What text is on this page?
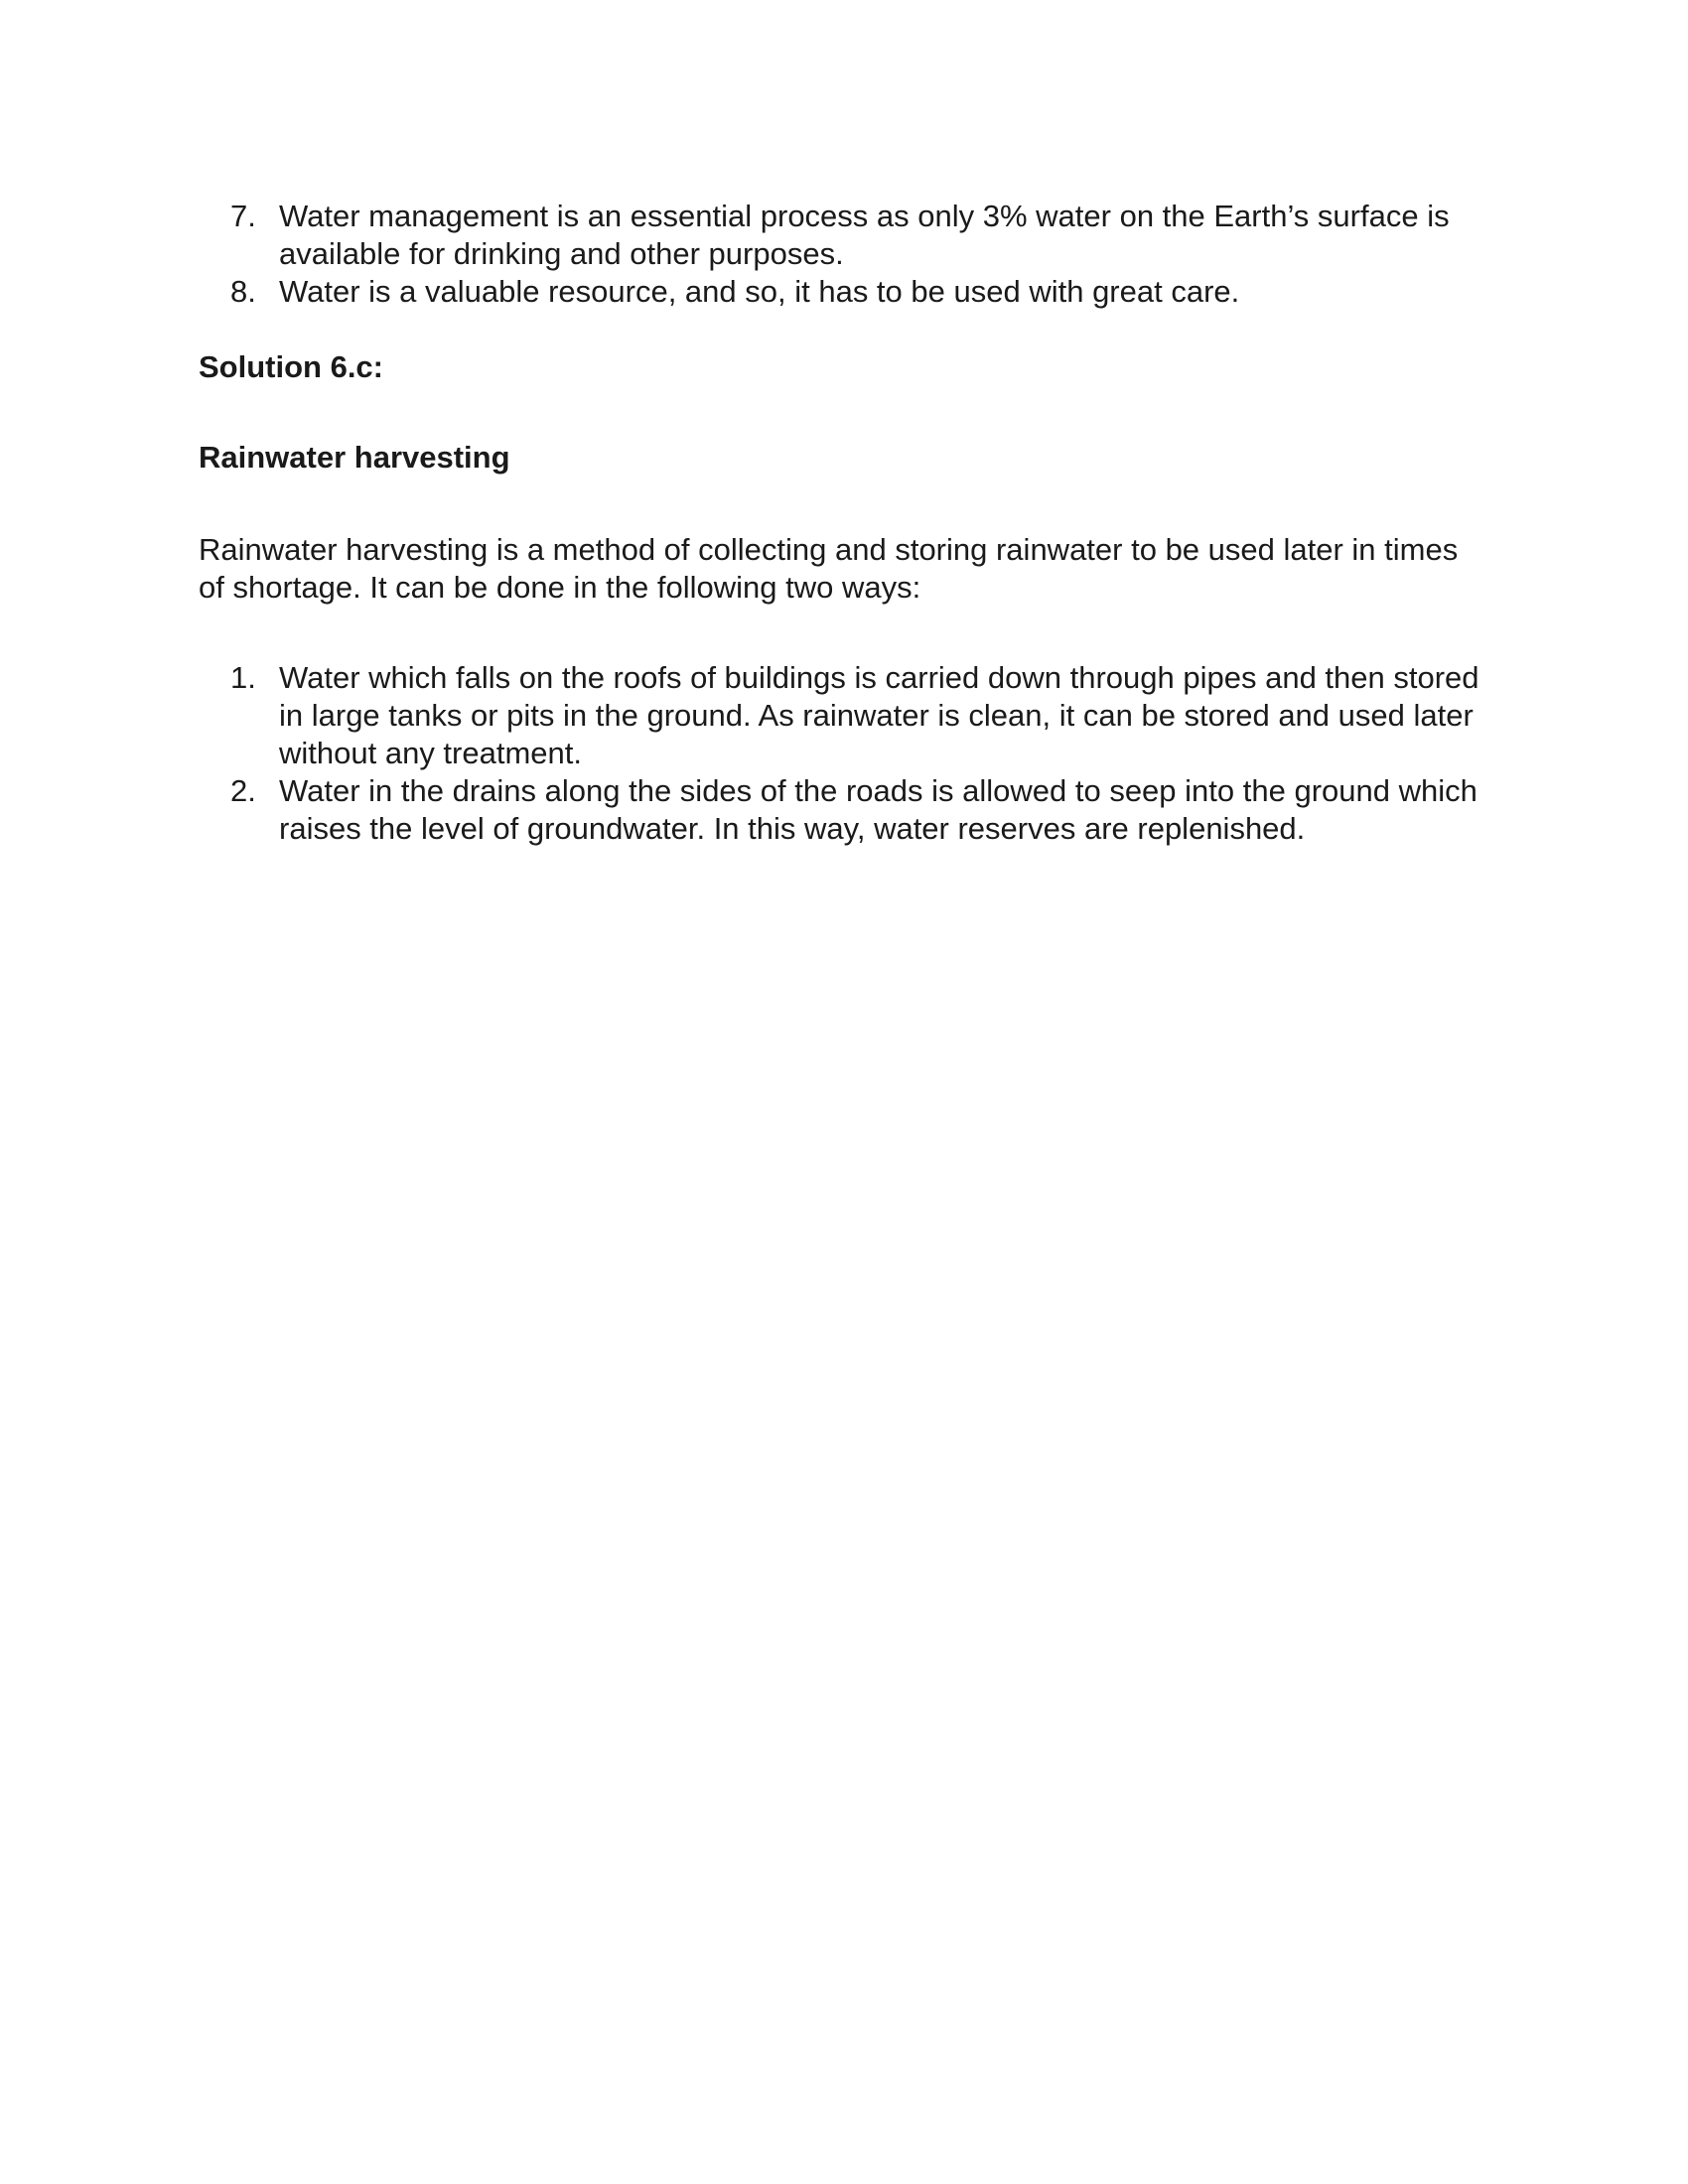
7. Water management is an essential process as only 3% water on the Earth’s surface is available for drinking and other purposes.
8. Water is a valuable resource, and so, it has to be used with great care.
Solution 6.c:
Rainwater harvesting

Rainwater harvesting is a method of collecting and storing rainwater to be used later in times of shortage. It can be done in the following two ways:

1. Water which falls on the roofs of buildings is carried down through pipes and then stored in large tanks or pits in the ground. As rainwater is clean, it can be stored and used later without any treatment.
2. Water in the drains along the sides of the roads is allowed to seep into the ground which raises the level of groundwater. In this way, water reserves are replenished.
